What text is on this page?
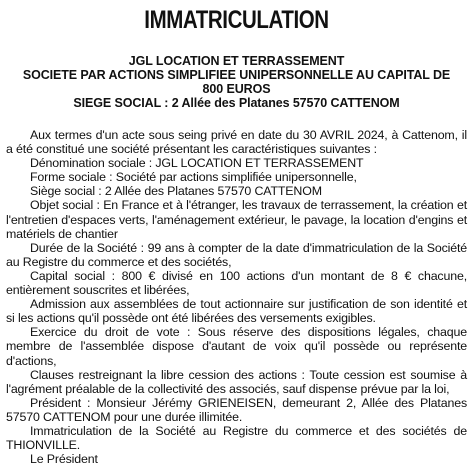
IMMATRICULATION
JGL LOCATION ET TERRASSEMENT
SOCIETE PAR ACTIONS SIMPLIFIEE UNIPERSONNELLE AU CAPITAL DE
800 EUROS
SIEGE SOCIAL : 2 Allée des Platanes 57570 CATTENOM

Aux termes d'un acte sous seing privé en date du 30 AVRIL 2024, à Cattenom, il a été constitué une société présentant les caractéristiques suivantes :

Dénomination sociale : JGL LOCATION ET TERRASSEMENT

Forme sociale : Société par actions simplifiée unipersonnelle,

Siège social : 2 Allée des Platanes 57570 CATTENOM

Objet social : En France et à l'étranger, les travaux de terrassement, la création et l'entretien d'espaces verts, l'aménagement extérieur, le pavage, la location d'engins et matériels de chantier

Durée de la Société : 99 ans à compter de la date d'immatriculation de la Société au Registre du commerce et des sociétés,

Capital social : 800 € divisé en 100 actions d'un montant de 8 € chacune, entièrement souscrites et libérées,

Admission aux assemblées de tout actionnaire sur justification de son identité et si les actions qu'il possède ont été libérées des versements exigibles.

Exercice du droit de vote : Sous réserve des dispositions légales, chaque membre de l'assemblée dispose d'autant de voix qu'il possède ou représente d'actions,

Clauses restreignant la libre cession des actions : Toute cession est soumise à l'agrément préalable de la collectivité des associés, sauf dispense prévue par la loi,

Président : Monsieur Jérémy GRIENEISEN, demeurant 2, Allée des Platanes 57570 CATTENOM pour une durée illimitée.

Immatriculation de la Société au Registre du commerce et des sociétés de THIONVILLE.

Le Président
